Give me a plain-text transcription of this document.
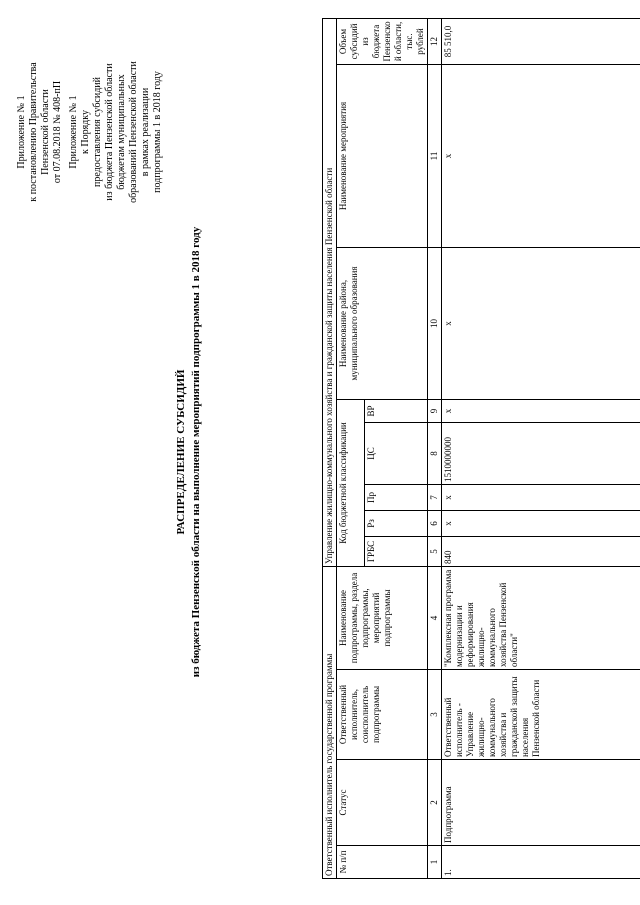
Приложение № 1 к постановлению Правительства Пензенской области от 07.08.2018 № 408-пП Приложение № 1 к Порядку предоставления субсидий из бюджета Пензенской области бюджетам муниципальных образований Пензенской области в рамках реализации подпрограммы 1 в 2018 году
РАСПРЕДЕЛЕНИЕ СУБСИДИЙ из бюджета Пензенской области на выполнение мероприятий подпрограммы 1 в 2018 году
Ответственный исполнитель государственной программы				Управление жилищно-коммунального хозяйства и гражданской защиты населения Пензенской области							
№ п/п	Статус	Ответственный исполнитель, соисполнитель подпрограммы	Наименование подпрограммы, раздела подпрограммы, мероприятий подпрограммы	Код бюджетной классификации					Наименование района, муниципального образования	Наименование мероприятия	Объем субсидий из бюджета Пензенской области, тыс. рублей
				ГРБС	Рз	Пр	ЦС	ВР			
1	2	3	4	5	6	7	8	9	10	11	12
1.	Подпрограмма	Ответственный исполнитель - Управление жилищно-коммунального хозяйства и гражданской защиты населения Пензенской области	"Комплексная программа модернизации и реформирования жилищно-коммунального хозяйства Пензенской области"	840	х	х	1510000000	х	х	х	85 510,0
